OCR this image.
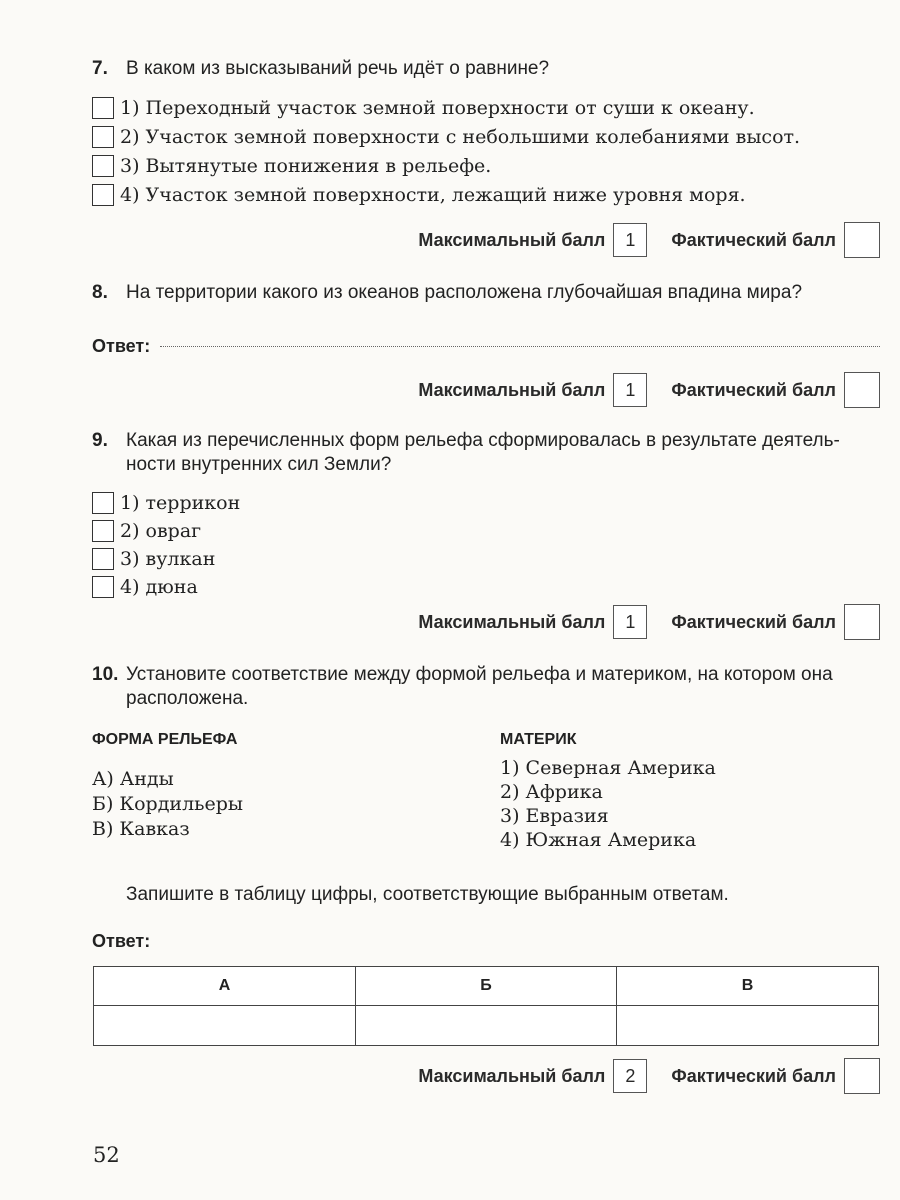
7. В каком из высказываний речь идёт о равнине?
1) Переходный участок земной поверхности от суши к океану.
2) Участок земной поверхности с небольшими колебаниями высот.
3) Вытянутые понижения в рельефе.
4) Участок земной поверхности, лежащий ниже уровня моря.
Максимальный балл	1	Фактический балл
8. На территории какого из океанов расположена глубочайшая впадина мира?
Ответ:
Максимальный балл	1	Фактический балл
9. Какая из перечисленных форм рельефа сформировалась в результате деятель-
ности внутренних сил Земли?
1) террикон
2) овраг
3) вулкан
4) дюна
Максимальный балл	1	Фактический балл
10. Установите соответствие между формой рельефа и материком, на котором она
расположена.
ФОРМА РЕЛЬЕФА
А) Анды
Б) Кордильеры
В) Кавказ
МАТЕРИК
1) Северная Америка
2) Африка
3) Евразия
4) Южная Америка
Запишите в таблицу цифры, соответствующие выбранным ответам.
Ответ:
А	Б	В

Максимальный балл	2	Фактический балл
52
